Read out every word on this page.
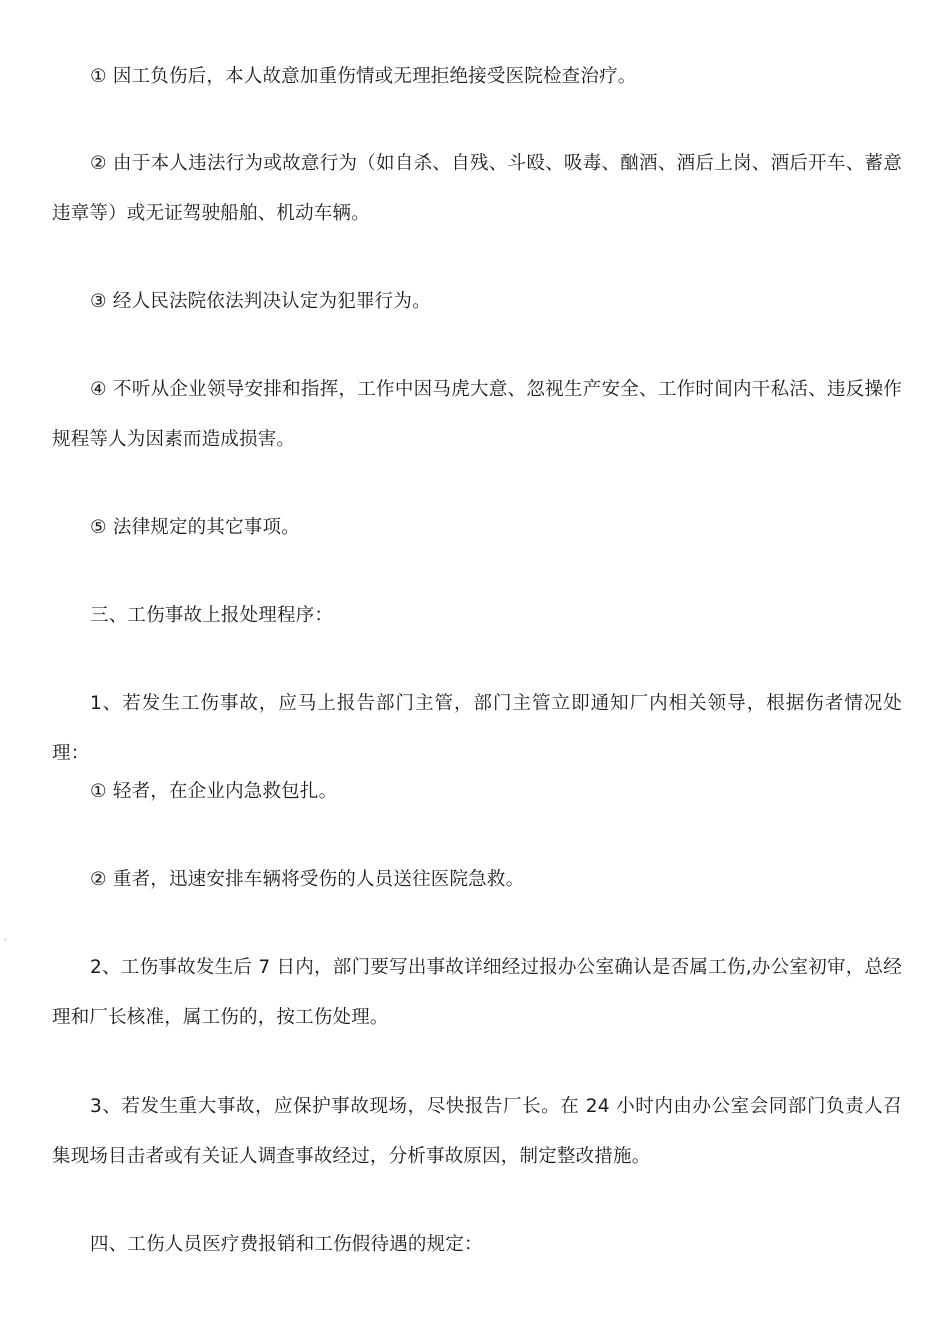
① 因工负伤后，本人故意加重伤情或无理拒绝接受医院检查治疗。

② 由于本人违法行为或故意行为（如自杀、自残、斗殴、吸毒、酗酒、酒后上岗、酒后开车、蓄意违章等）或无证驾驶船舶、机动车辆。

③ 经人民法院依法判决认定为犯罪行为。

④ 不听从企业领导安排和指挥，工作中因马虎大意、忽视生产安全、工作时间内干私活、违反操作规程等人为因素而造成损害。

⑤ 法律规定的其它事项。

三、工伤事故上报处理程序：

1、若发生工伤事故，应马上报告部门主管，部门主管立即通知厂内相关领导，根据伤者情况处理：

① 轻者，在企业内急救包扎。

② 重者，迅速安排车辆将受伤的人员送往医院急救。

2、工伤事故发生后 7 日内，部门要写出事故详细经过报办公室确认是否属工伤,办公室初审，总经理和厂长核准，属工伤的，按工伤处理。

3、若发生重大事故，应保护事故现场，尽快报告厂长。在 24 小时内由办公室会同部门负责人召集现场目击者或有关证人调查事故经过，分析事故原因，制定整改措施。

四、工伤人员医疗费报销和工伤假待遇的规定：
